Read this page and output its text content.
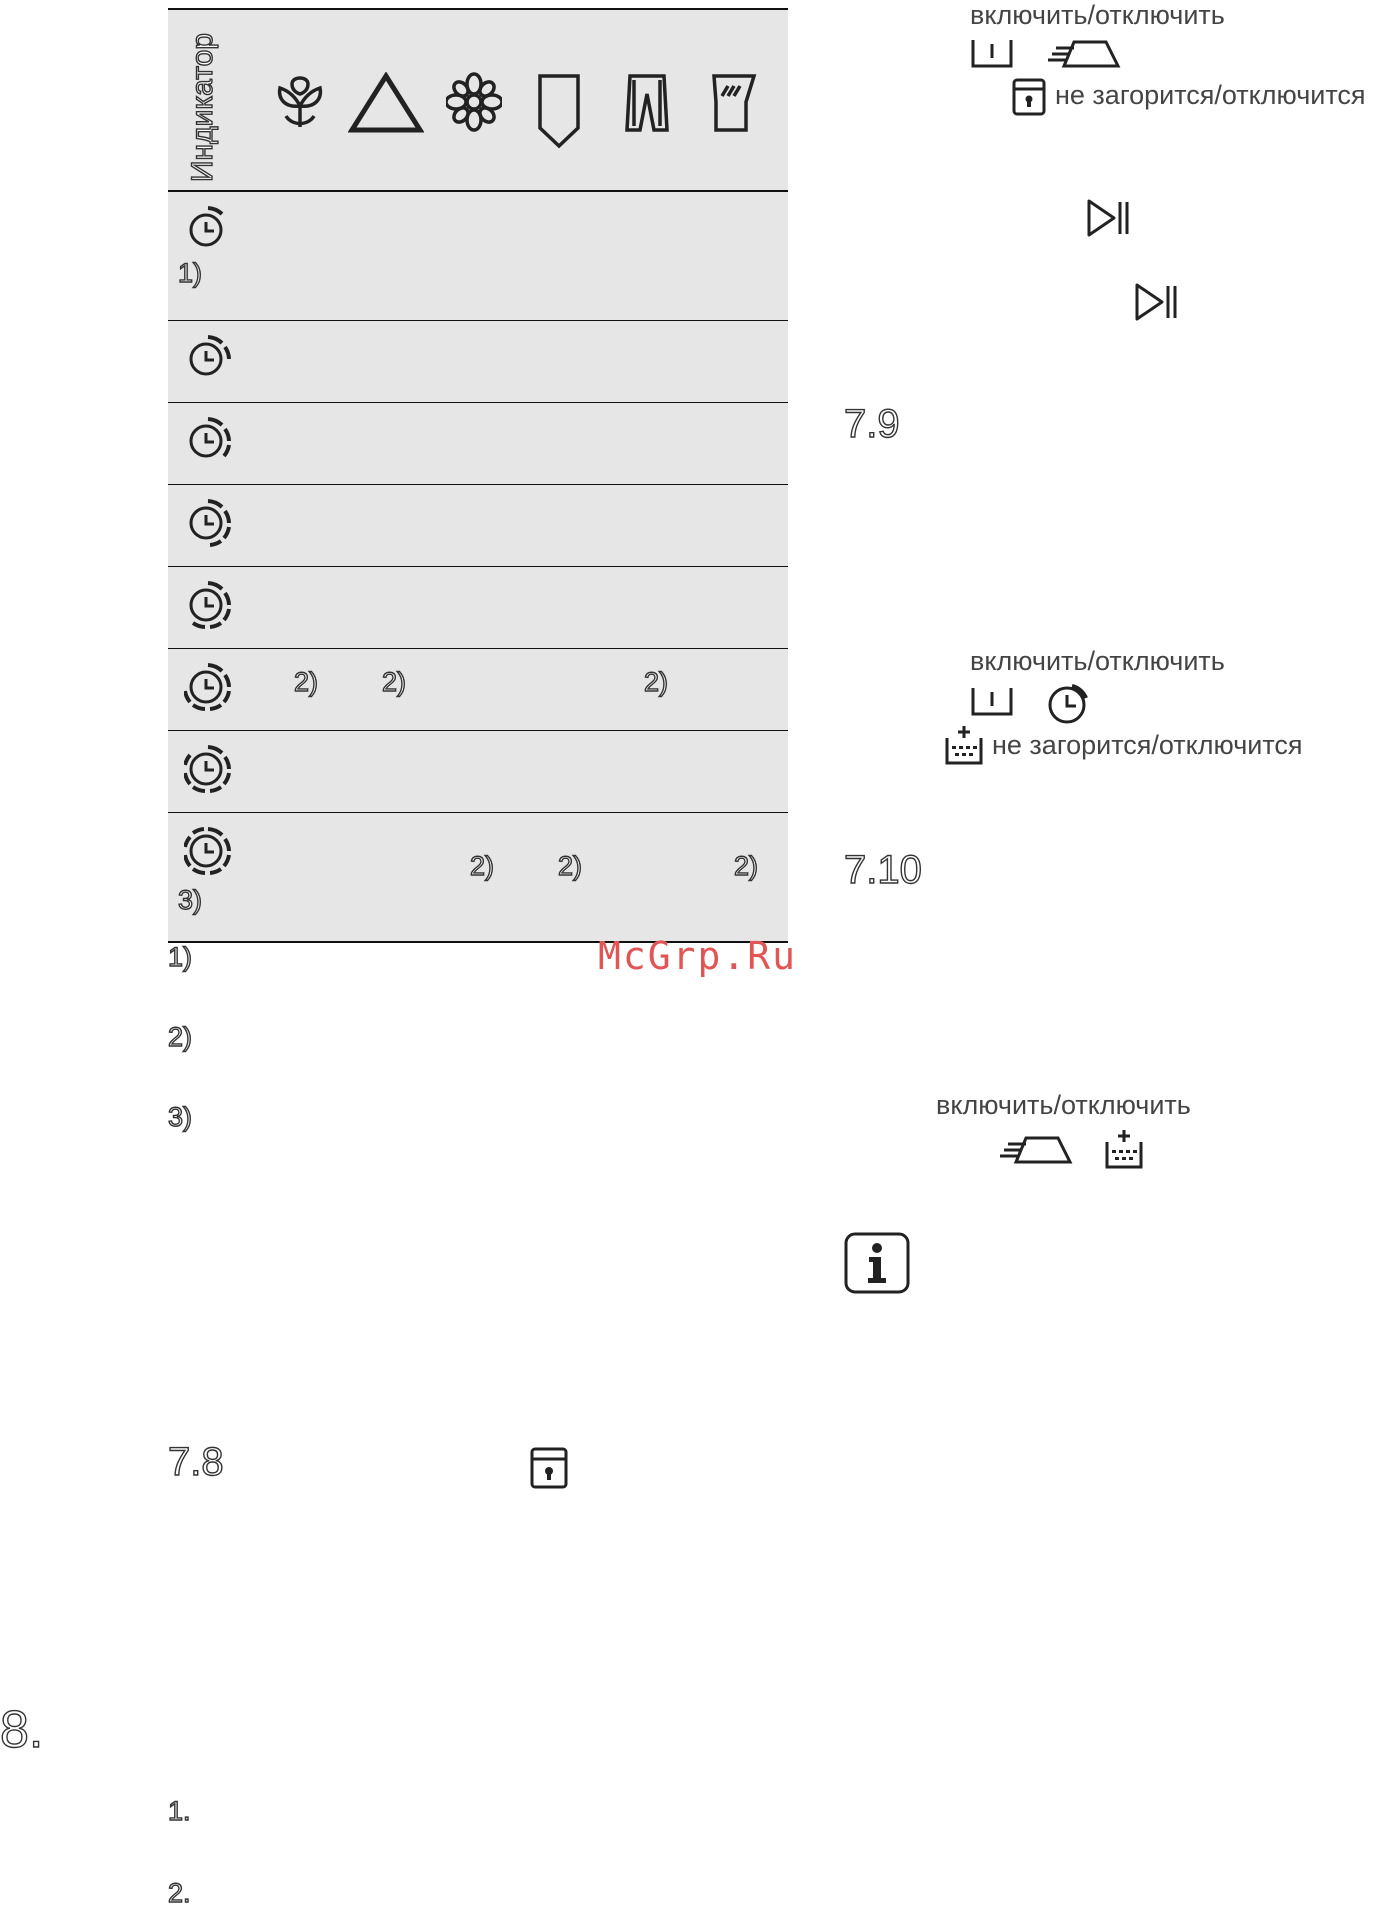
Индикатор
1)
2) 2)	2)
2) 2)	2)
3)
1)
2)
3)
McGrp.Ru
7.8
8.
1.
2.
включить/отключить
не загорится/отключится
7.9
включить/отключить
не загорится/отключится
7.10
включить/отключить
